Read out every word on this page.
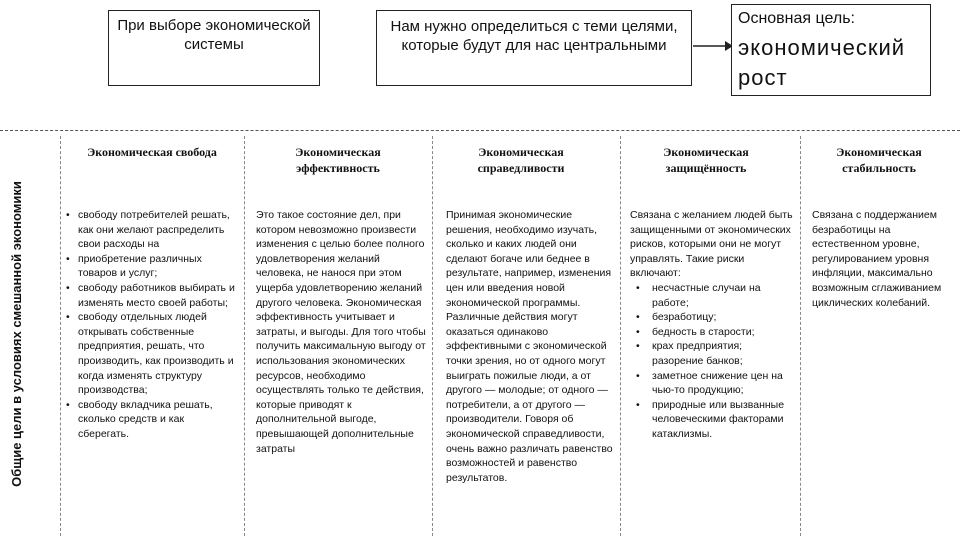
При выборе экономической системы
Нам нужно определиться с теми целями, которые будут для нас центральными
Основная цель:
экономический рост
Общие цели в условиях смешанной экономики
Экономическая свобода
• свободу потребителей решать, как они желают распределить свои расходы на
• приобретение различных товаров и услуг;
• свободу работников выбирать и изменять место своей работы;
• свободу отдельных людей открывать собственные предприятия, решать, что производить, как производить и когда изменять структуру производства;
• свободу вкладчика решать, сколько средств и как сберегать.
Экономическая эффективность

Это такое состояние дел, при котором невозможно произвести изменения с целью более полного удовлетворения желаний человека, не нанося при этом ущерба удовлетворению желаний другого человека. Экономическая эффективность учитывает и затраты, и выгоды. Для того чтобы получить максимальную выгоду от использования экономических ресурсов, необходимо осуществлять только те действия, которые приводят к дополнительной выгоде, превышающей дополнительные затраты

Экономическая справедливости

Принимая экономические решения, необходимо изучать, сколько и каких людей они сделают богаче или беднее в результате, например, изменения цен или введения новой экономической программы. Различные действия могут оказаться одинаково эффективными с экономической точки зрения, но от одного могут выиграть пожилые люди, а от другого — молодые; от одного — потребители, а от другого — производители. Говоря об экономической справедливости, очень важно различать равенство возможностей и равенство результатов.

Экономическая защищённость

Связана с желанием людей быть защищенными от экономических рисков, которыми они не могут управлять. Такие риски включают:

• несчастные случаи на работе;
• безработицу;
• бедность в старости;
• крах предприятия; разорение банков;
• заметное снижение цен на чью-то продукцию;
• природные или вызванные человеческими факторами катаклизмы.
Экономическая стабильность

Связана с поддержанием безработицы на естественном уровне, регулированием уровня инфляции, максимально возможным сглаживанием циклических колебаний.
